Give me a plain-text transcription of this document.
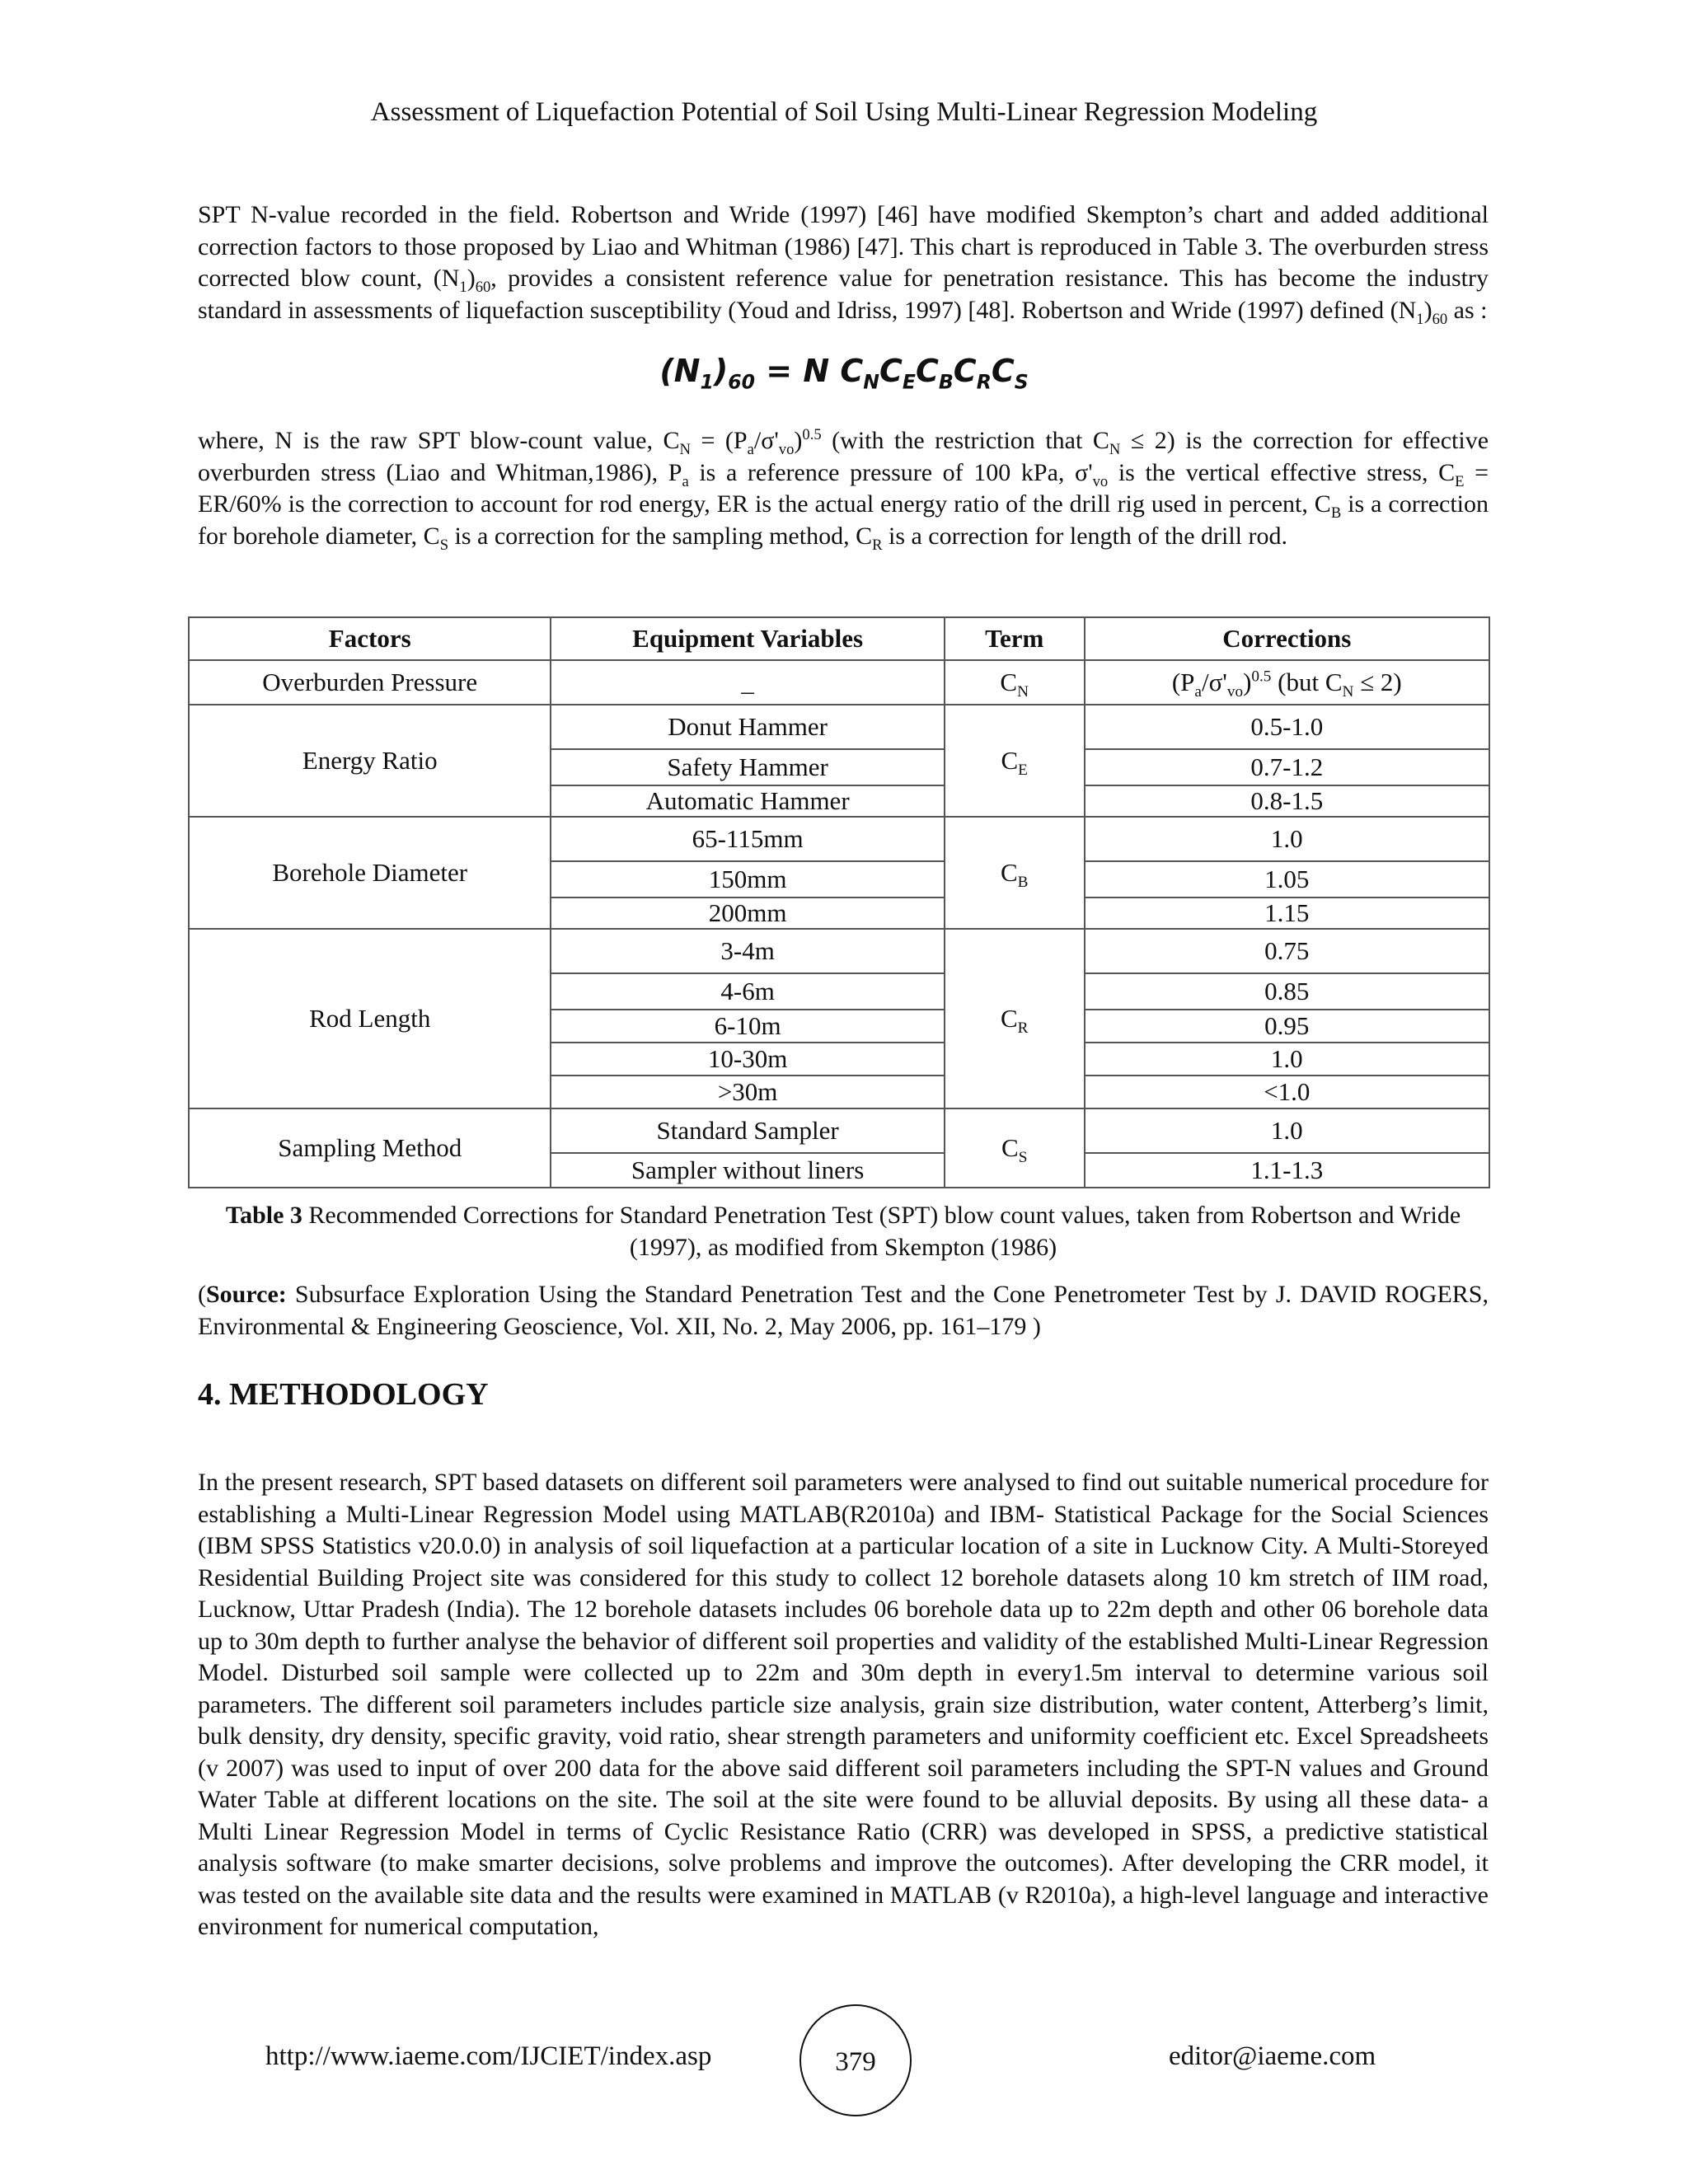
Assessment of Liquefaction Potential of Soil Using Multi-Linear Regression Modeling

SPT N-value recorded in the field. Robertson and Wride (1997) [46] have modified Skempton’s chart and added additional correction factors to those proposed by Liao and Whitman (1986) [47]. This chart is reproduced in Table 3. The overburden stress corrected blow count, $(N_1)_{60}$, provides a consistent reference value for penetration resistance. This has become the industry standard in assessments of liquefaction susceptibility (Youd and Idriss, 1997) [48]. Robertson and Wride (1997) defined $(N_1)_{60}$ as :

$(N_1)_{60} = N$ $C_NC_EC_BC_RC_S$

where, N is the raw SPT blow-count value, $C_N = (P_a/\sigma'_{vo})^{0.5}$ (with the restriction that $C_N \le 2$) is the correction for effective overburden stress (Liao and Whitman,1986), $P_a$ is a reference pressure of 100 kPa, $\sigma'_{vo}$ is the vertical effective stress, $C_E = ER/60\%$ is the correction to account for rod energy, ER is the actual energy ratio of the drill rig used in percent, $C_B$ is a correction for borehole diameter, $C_S$ is a correction for the sampling method, $C_R$ is a correction for length of the drill rod.

Factors	Equipment Variables	Term	Corrections
Overburden Pressure	_	$C_N$	$(P_a/\sigma'_{vo})^{0.5}$ (but $C_N \le 2$)
Energy Ratio	Donut Hammer	$C_E$	0.5-1.0
	Safety Hammer		0.7-1.2
	Automatic Hammer		0.8-1.5
Borehole Diameter	65-115mm	$C_B$	1.0
	150mm		1.05
	200mm		1.15
Rod Length	3-4m	$C_R$	0.75
	4-6m		0.85
	6-10m		0.95
	10-30m		1.0
	>30m		<1.0
Sampling Method	Standard Sampler	$C_S$	1.0
	Sampler without liners		1.1-1.3
Table 3 Recommended Corrections for Standard Penetration Test (SPT) blow count values, taken from Robertson and Wride (1997), as modified from Skempton (1986)
(Source: Subsurface Exploration Using the Standard Penetration Test and the Cone Penetrometer Test by J. DAVID ROGERS, Environmental & Engineering Geoscience, Vol. XII, No. 2, May 2006, pp. 161–179 )
4. METHODOLOGY

In the present research, SPT based datasets on different soil parameters were analysed to find out suitable numerical procedure for establishing a Multi-Linear Regression Model using MATLAB(R2010a) and IBM- Statistical Package for the Social Sciences (IBM SPSS Statistics v20.0.0) in analysis of soil liquefaction at a particular location of a site in Lucknow City. A Multi-Storeyed Residential Building Project site was considered for this study to collect 12 borehole datasets along 10 km stretch of IIM road, Lucknow, Uttar Pradesh (India). The 12 borehole datasets includes 06 borehole data up to 22m depth and other 06 borehole data up to 30m depth to further analyse the behavior of different soil properties and validity of the established Multi-Linear Regression Model. Disturbed soil sample were collected up to 22m and 30m depth in every1.5m interval to determine various soil parameters. The different soil parameters includes particle size analysis, grain size distribution, water content, Atterberg’s limit, bulk density, dry density, specific gravity, void ratio, shear strength parameters and uniformity coefficient etc. Excel Spreadsheets (v 2007) was used to input of over 200 data for the above said different soil parameters including the SPT-N values and Ground Water Table at different locations on the site. The soil at the site were found to be alluvial deposits. By using all these data- a Multi Linear Regression Model in terms of Cyclic Resistance Ratio (CRR) was developed in SPSS, a predictive statistical analysis software (to make smarter decisions, solve problems and improve the outcomes). After developing the CRR model, it was tested on the available site data and the results were examined in MATLAB (v R2010a), a high-level language and interactive environment for numerical computation,

http://www.iaeme.com/IJCIET/index.asp	379	editor@iaeme.com
